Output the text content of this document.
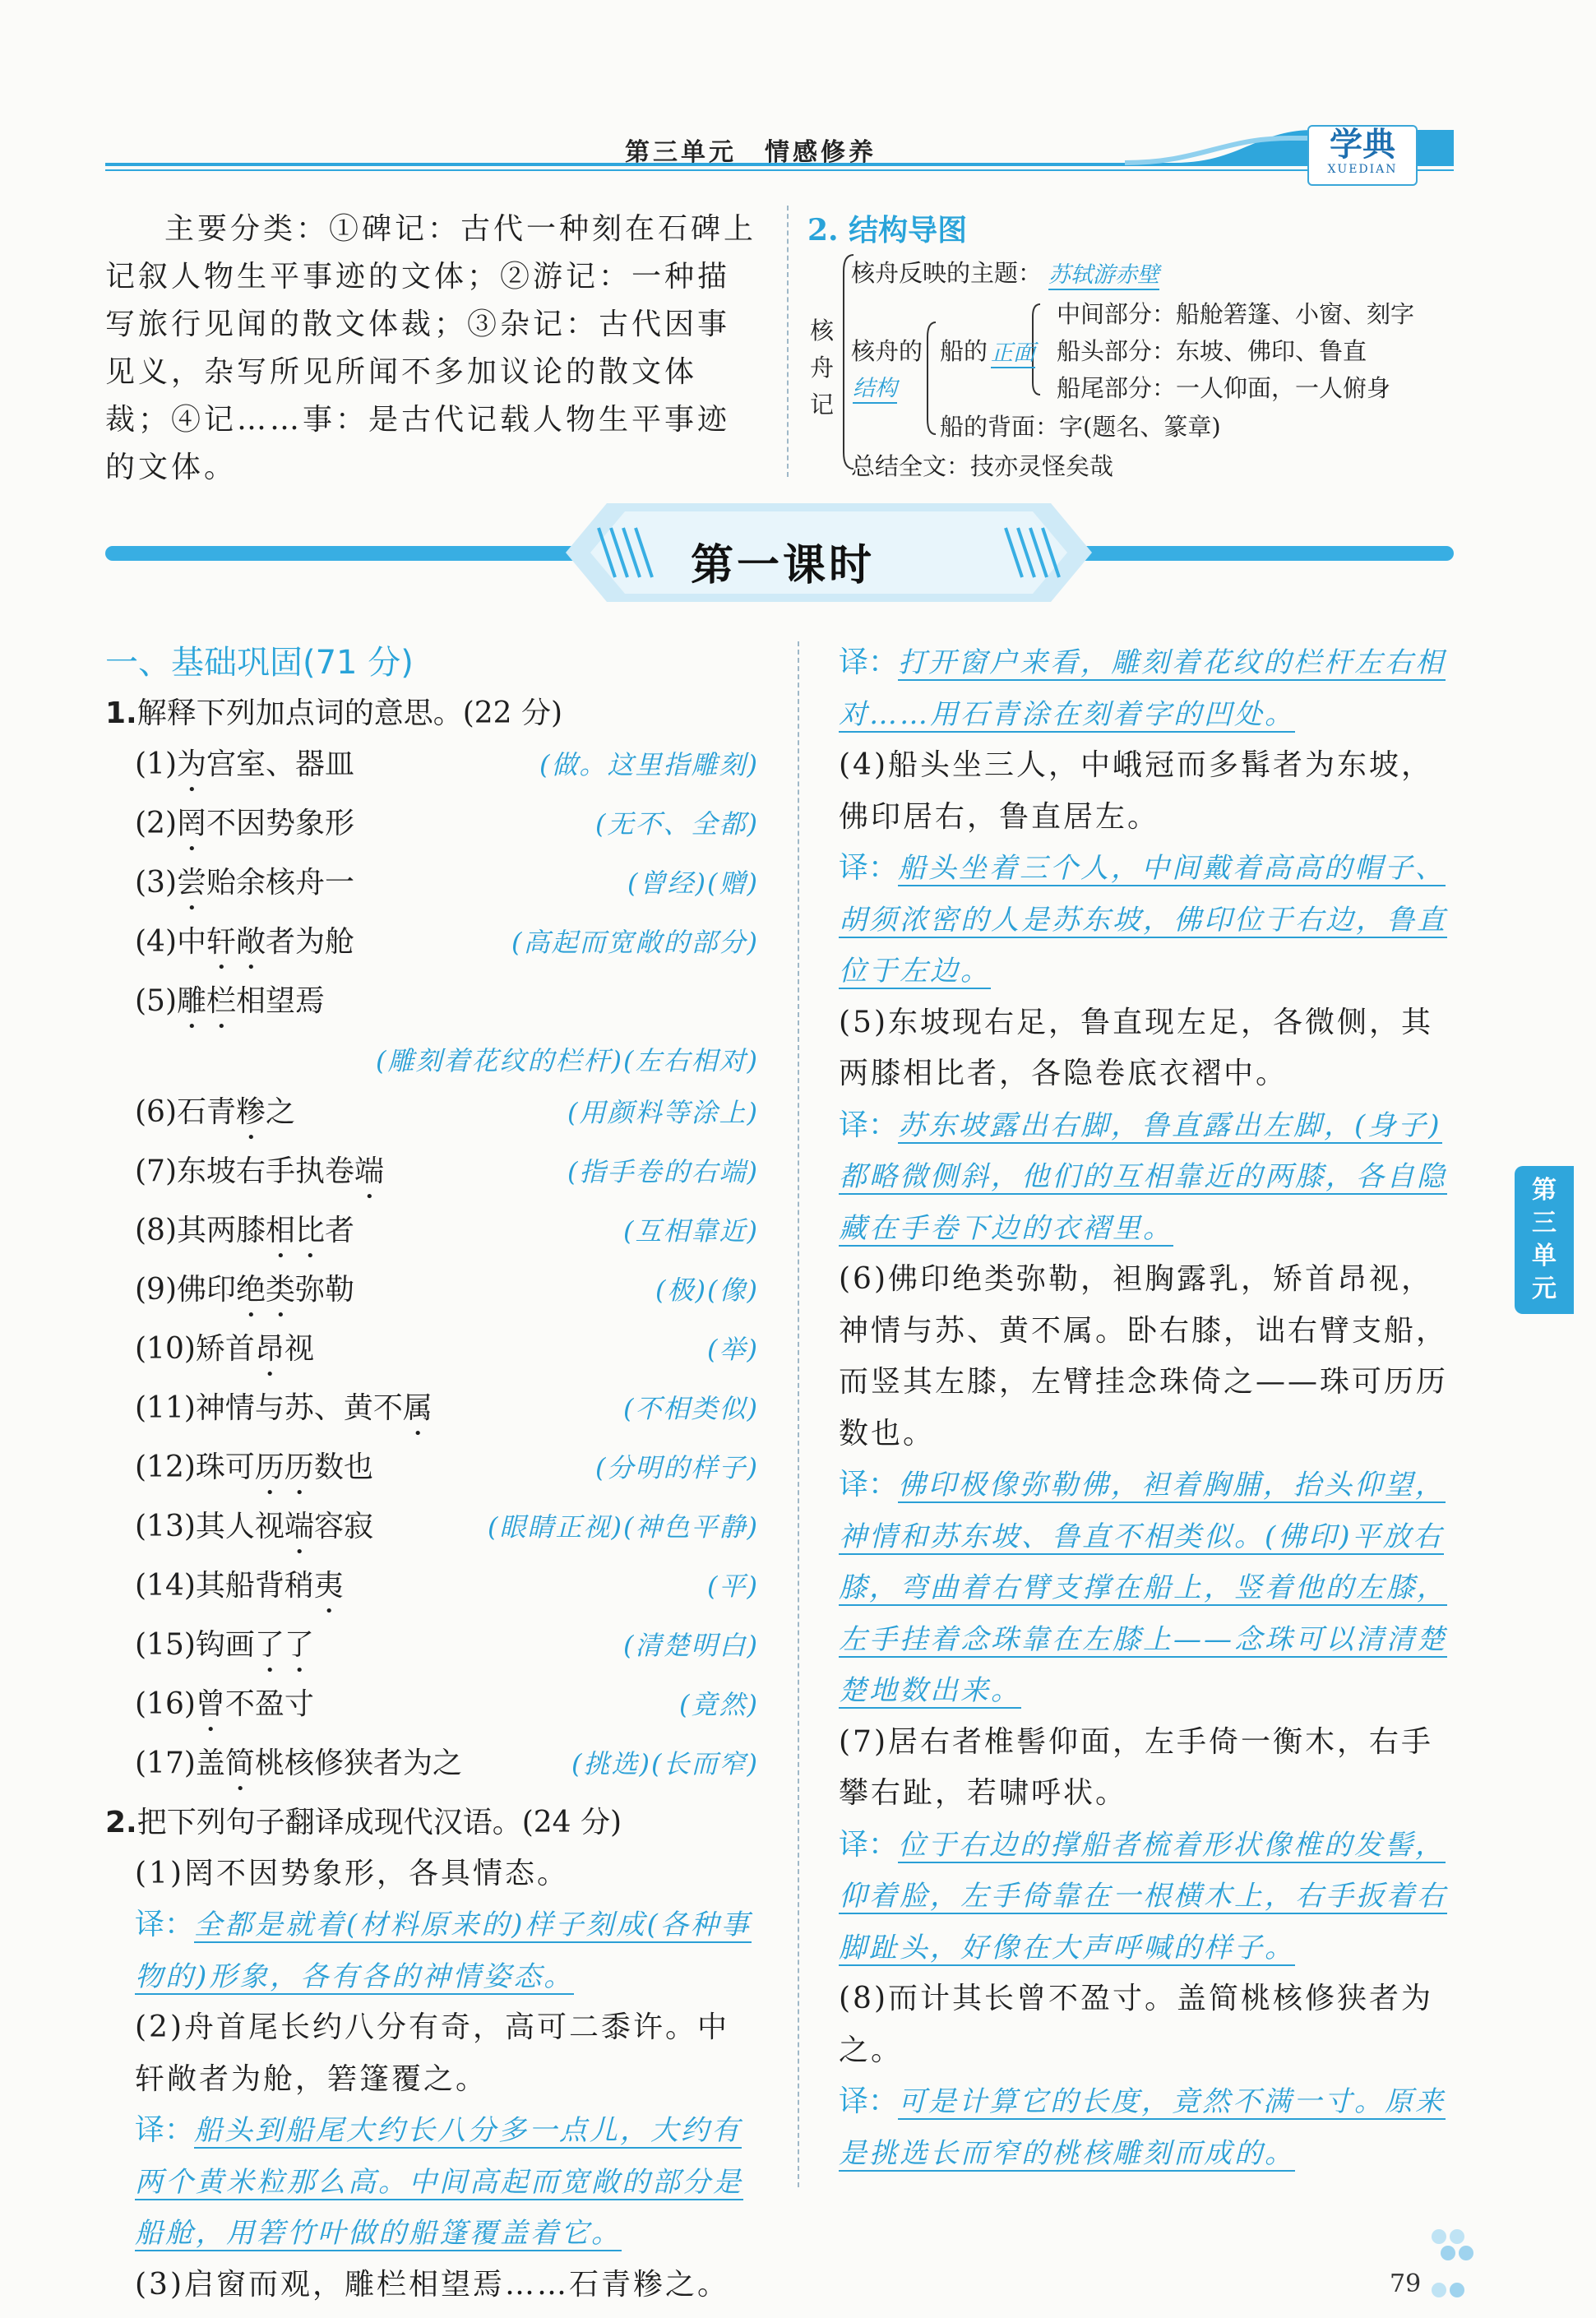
第三单元　情感修养	学典
XUEDIAN
主要分类：①碑记：古代一种刻在石碑上记叙人物生平事迹的文体；②游记：一种描写旅行见闻的散文体裁；③杂记：古代因事见义，杂写所见所闻不多加议论的散文体裁；④记……事：是古代记载人物生平事迹的文体。
2. 结构导图
核
舟
记
核舟反映的主题： 苏轼游赤壁
核舟的
结构
船的 正面
中间部分：船舱箬篷、小窗、刻字
船头部分：东坡、佛印、鲁直
船尾部分：一人仰面，一人俯身
船的背面：字(题名、篆章)
总结全文：技亦灵怪矣哉
第一课时
一、基础巩固(71 分)
1.解释下列加点词的意思。(22 分)
(1)为宫室、器皿	(做。这里指雕刻)
(2)罔不因势象形	(无不、全都)
(3)尝贻余核舟一	(曾经)(赠)
(4)中轩敞者为舱	(高起而宽敞的部分)
(5)雕栏相望焉
(雕刻着花纹的栏杆)(左右相对)
(6)石青糁之	(用颜料等涂上)
(7)东坡右手执卷端	(指手卷的右端)
(8)其两膝相比者	(互相靠近)
(9)佛印绝类弥勒	(极)(像)
(10)矫首昂视	(举)
(11)神情与苏、黄不属	(不相类似)
(12)珠可历历数也	(分明的样子)
(13)其人视端容寂	(眼睛正视)(神色平静)
(14)其船背稍夷	(平)
(15)钩画了了	(清楚明白)
(16)曾不盈寸	(竟然)
(17)盖简桃核修狭者为之	(挑选)(长而窄)
2.把下列句子翻译成现代汉语。(24 分)
(1)罔不因势象形，各具情态。
译：全都是就着(材料原来的)样子刻成(各种事物的)形象，各有各的神情姿态。
(2)舟首尾长约八分有奇，高可二黍许。中轩敞者为舱，箬篷覆之。
译：船头到船尾大约长八分多一点儿，大约有两个黄米粒那么高。中间高起而宽敞的部分是船舱，用箬竹叶做的船篷覆盖着它。
(3)启窗而观，雕栏相望焉……石青糁之。
译：打开窗户来看，雕刻着花纹的栏杆左右相对……用石青涂在刻着字的凹处。
(4)船头坐三人，中峨冠而多髯者为东坡，佛印居右，鲁直居左。
译：船头坐着三个人，中间戴着高高的帽子、胡须浓密的人是苏东坡，佛印位于右边，鲁直位于左边。
(5)东坡现右足，鲁直现左足，各微侧，其两膝相比者，各隐卷底衣褶中。
译：苏东坡露出右脚，鲁直露出左脚，(身子)都略微侧斜，他们的互相靠近的两膝，各自隐藏在手卷下边的衣褶里。
(6)佛印绝类弥勒，袒胸露乳，矫首昂视，神情与苏、黄不属。卧右膝，诎右臂支船，而竖其左膝，左臂挂念珠倚之——珠可历历数也。
译：佛印极像弥勒佛，袒着胸脯，抬头仰望，神情和苏东坡、鲁直不相类似。(佛印)平放右膝，弯曲着右臂支撑在船上，竖着他的左膝，左手挂着念珠靠在左膝上——念珠可以清清楚楚地数出来。
(7)居右者椎髻仰面，左手倚一衡木，右手攀右趾，若啸呼状。
译：位于右边的撑船者梳着形状像椎的发髻，仰着脸，左手倚靠在一根横木上，右手扳着右脚趾头，好像在大声呼喊的样子。
(8)而计其长曾不盈寸。盖简桃核修狭者为之。
译：可是计算它的长度，竟然不满一寸。原来是挑选长而窄的桃核雕刻而成的。
第
三
单
元
79
